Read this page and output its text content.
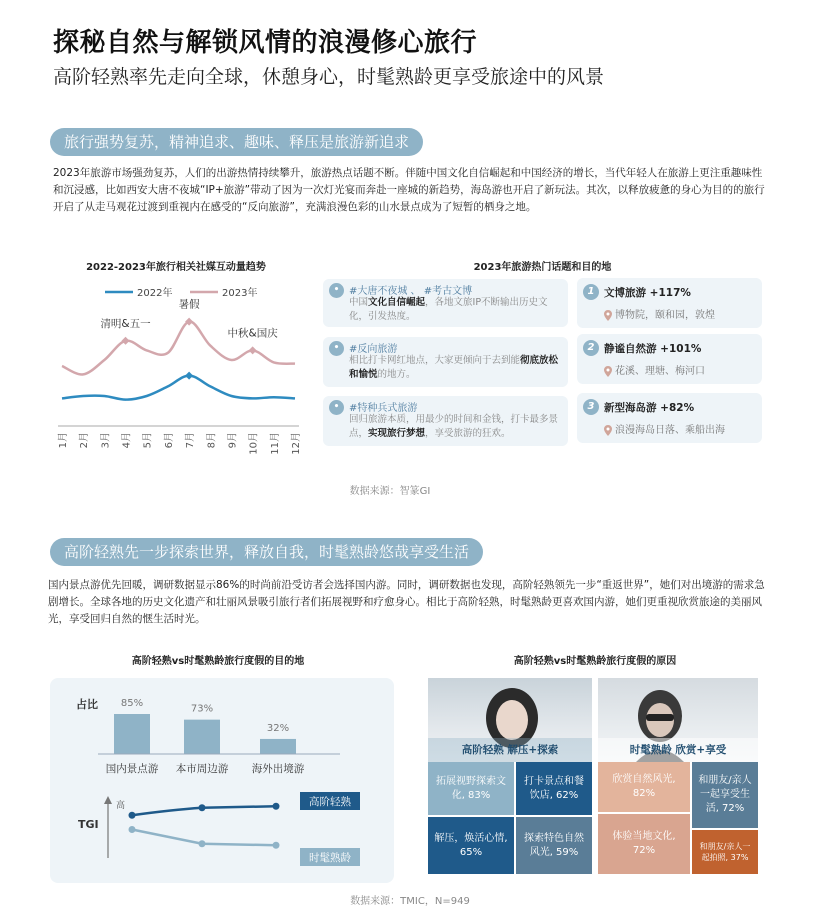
探秘自然与解锁风情的浪漫修心旅行
高阶轻熟率先走向全球，休憩身心，时髦熟龄更享受旅途中的风景
旅行强势复苏，精神追求、趣味、释压是旅游新追求
2023年旅游市场强劲复苏，人们的出游热情持续攀升，旅游热点话题不断。伴随中国文化自信崛起和中国经济的增长，当代年轻人在旅游上更注重趣味性和沉浸感，比如西安大唐不夜城“IP+旅游”带动了因为一次灯光宴而奔赴一座城的新趋势，海岛游也开启了新玩法。其次，以释放疲惫的身心为目的的旅行开启了从走马观花过渡到重视内在感受的“反向旅游”，充满浪漫色彩的山水景点成为了短暂的栖身之地。
2022-2023年旅行相关社媒互动量趋势
2022年	2023年
清明&五一
暑假
中秋&国庆
1月 2月 3月 4月 5月 6月 7月 8月 9月 10月 11月 12月
2023年旅游热门话题和目的地
• #大唐不夜城 、 #考古文博
中国文化自信崛起，各地文旅IP不断输出历史文化，引发热度。
• #反向旅游
相比打卡网红地点，大家更倾向于去到能彻底放松和愉悦的地方。
• #特种兵式旅游
回归旅游本质，用最少的时间和金钱，打卡最多景点，实现旅行梦想，享受旅游的狂欢。
1 文博旅游 +117%
博物院，颐和园，敦煌
2 静谧自然游 +101%
花溪、理塘、梅河口
3 新型海岛游 +82%
浪漫海岛日落、乘船出海
数据来源：智篆GI
高阶轻熟先一步探索世界，释放自我，时髦熟龄悠哉享受生活
国内景点游优先回暖，调研数据显示86%的时尚前沿受访者会选择国内游。同时，调研数据也发现，高阶轻熟领先一步“重返世界”，她们对出境游的需求急剧增长。全球各地的历史文化遗产和壮丽风景吸引旅行者们拓展视野和疗愈身心。相比于高阶轻熟，时髦熟龄更喜欢国内游，她们更重视欣赏旅途的美丽风光，享受回归自然的惬生活时光。
高阶轻熟vs时髦熟龄旅行度假的目的地	高阶轻熟vs时髦熟龄旅行度假的原因
占比 85%
国内景点游
73%
本市周边游
32%
海外出境游
TGI
高	高阶轻熟
时髦熟龄
高阶轻熟 解压+探索
拓展视野探索文化, 83%
打卡景点和餐饮店, 62%
解压，焕活心情, 65%
探索特色自然风光, 59%
时髦熟龄 欣赏+享受
欣赏自然风光, 82%
和朋友/亲人一起享受生活, 72%
体验当地文化, 72%	和朋友/亲人一起拍照, 37%
数据来源：TMIC，N=949
